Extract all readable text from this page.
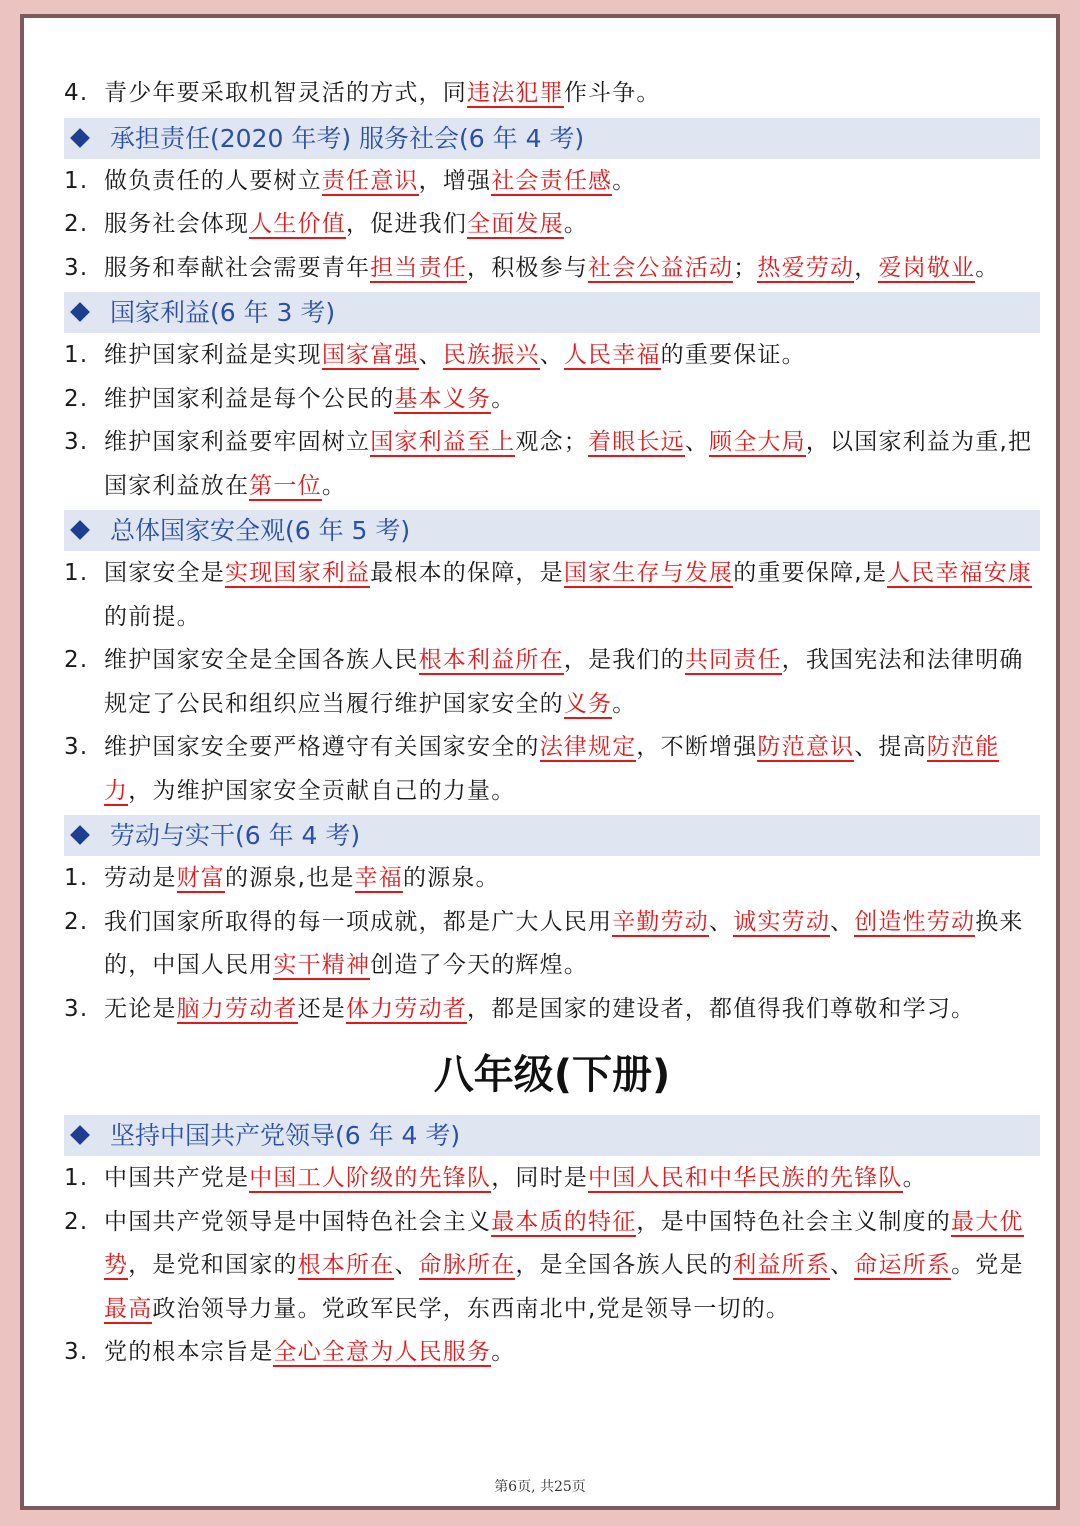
4. 青少年要采取机智灵活的方式，同违法犯罪作斗争。
承担责任(2020 年考) 服务社会(6 年 4 考)
1. 做负责任的人要树立责任意识，增强社会责任感。
2. 服务社会体现人生价值，促进我们全面发展。
3. 服务和奉献社会需要青年担当责任，积极参与社会公益活动；热爱劳动，爱岗敬业。
国家利益(6 年 3 考)
1. 维护国家利益是实现国家富强、民族振兴、人民幸福的重要保证。
2. 维护国家利益是每个公民的基本义务。
3. 维护国家利益要牢固树立国家利益至上观念；着眼长远、顾全大局，以国家利益为重,把国家利益放在第一位。
总体国家安全观(6 年 5 考)
1. 国家安全是实现国家利益最根本的保障，是国家生存与发展的重要保障,是人民幸福安康的前提。
2. 维护国家安全是全国各族人民根本利益所在，是我们的共同责任，我国宪法和法律明确规定了公民和组织应当履行维护国家安全的义务。
3. 维护国家安全要严格遵守有关国家安全的法律规定，不断增强防范意识、提高防范能力，为维护国家安全贡献自己的力量。
劳动与实干(6 年 4 考)
1. 劳动是财富的源泉,也是幸福的源泉。
2. 我们国家所取得的每一项成就，都是广大人民用辛勤劳动、诚实劳动、创造性劳动换来的，中国人民用实干精神创造了今天的辉煌。
3. 无论是脑力劳动者还是体力劳动者，都是国家的建设者，都值得我们尊敬和学习。
八年级(下册)
坚持中国共产党领导(6 年 4 考)
1. 中国共产党是中国工人阶级的先锋队，同时是中国人民和中华民族的先锋队。
2. 中国共产党领导是中国特色社会主义最本质的特征，是中国特色社会主义制度的最大优势，是党和国家的根本所在、命脉所在，是全国各族人民的利益所系、命运所系。党是最高政治领导力量。党政军民学，东西南北中,党是领导一切的。
3. 党的根本宗旨是全心全意为人民服务。
第6页, 共25页
